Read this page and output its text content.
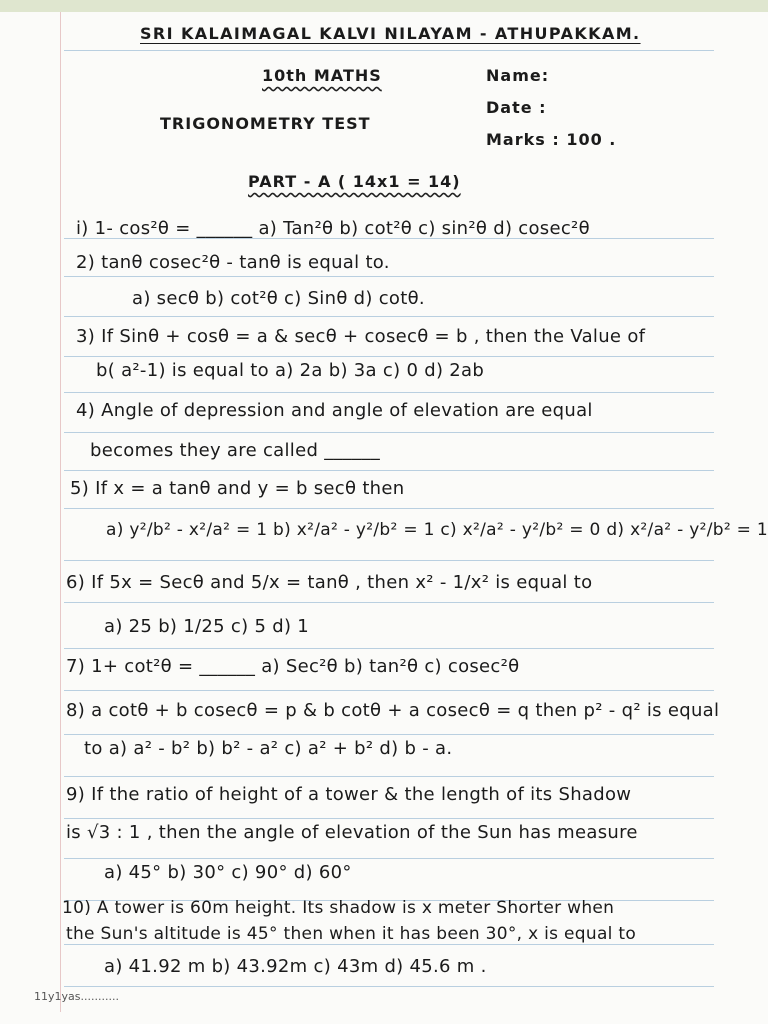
SRI KALAIMAGAL KALVI NILAYAM - ATHUPAKKAM.
10th MATHS
TRIGONOMETRY TEST
Name:
Date :
Marks : 100 .
PART - A ( 14x1 = 14)
i) 1- cos²θ = ______ a) Tan²θ b) cot²θ c) sin²θ d) cosec²θ
2) tanθ cosec²θ - tanθ is equal to.
a) secθ b) cot²θ c) Sinθ d) cotθ.
3) If Sinθ + cosθ = a & secθ + cosecθ = b , then the Value of
b( a²-1) is equal to a) 2a b) 3a c) 0 d) 2ab
4) Angle of depression and angle of elevation are equal
becomes they are called ______
5) If x = a tanθ and y = b secθ then
a) y²/b² - x²/a² = 1 b) x²/a² - y²/b² = 1 c) x²/a² - y²/b² = 0 d) x²/a² - y²/b² = 1
6) If 5x = Secθ and 5/x = tanθ , then x² - 1/x² is equal to
a) 25 b) 1/25 c) 5 d) 1
7) 1+ cot²θ = ______ a) Sec²θ b) tan²θ c) cosec²θ
8) a cotθ + b cosecθ = p & b cotθ + a cosecθ = q then p² - q² is equal
to a) a² - b² b) b² - a² c) a² + b² d) b - a.
9) If the ratio of height of a tower & the length of its Shadow
is √3 : 1 , then the angle of elevation of the Sun has measure
a) 45° b) 30° c) 90° d) 60°
10) A tower is 60m height. Its shadow is x meter Shorter when
the Sun's altitude is 45° then when it has been 30°, x is equal to
a) 41.92 m b) 43.92m c) 43m d) 45.6 m .
11y1yas...........
